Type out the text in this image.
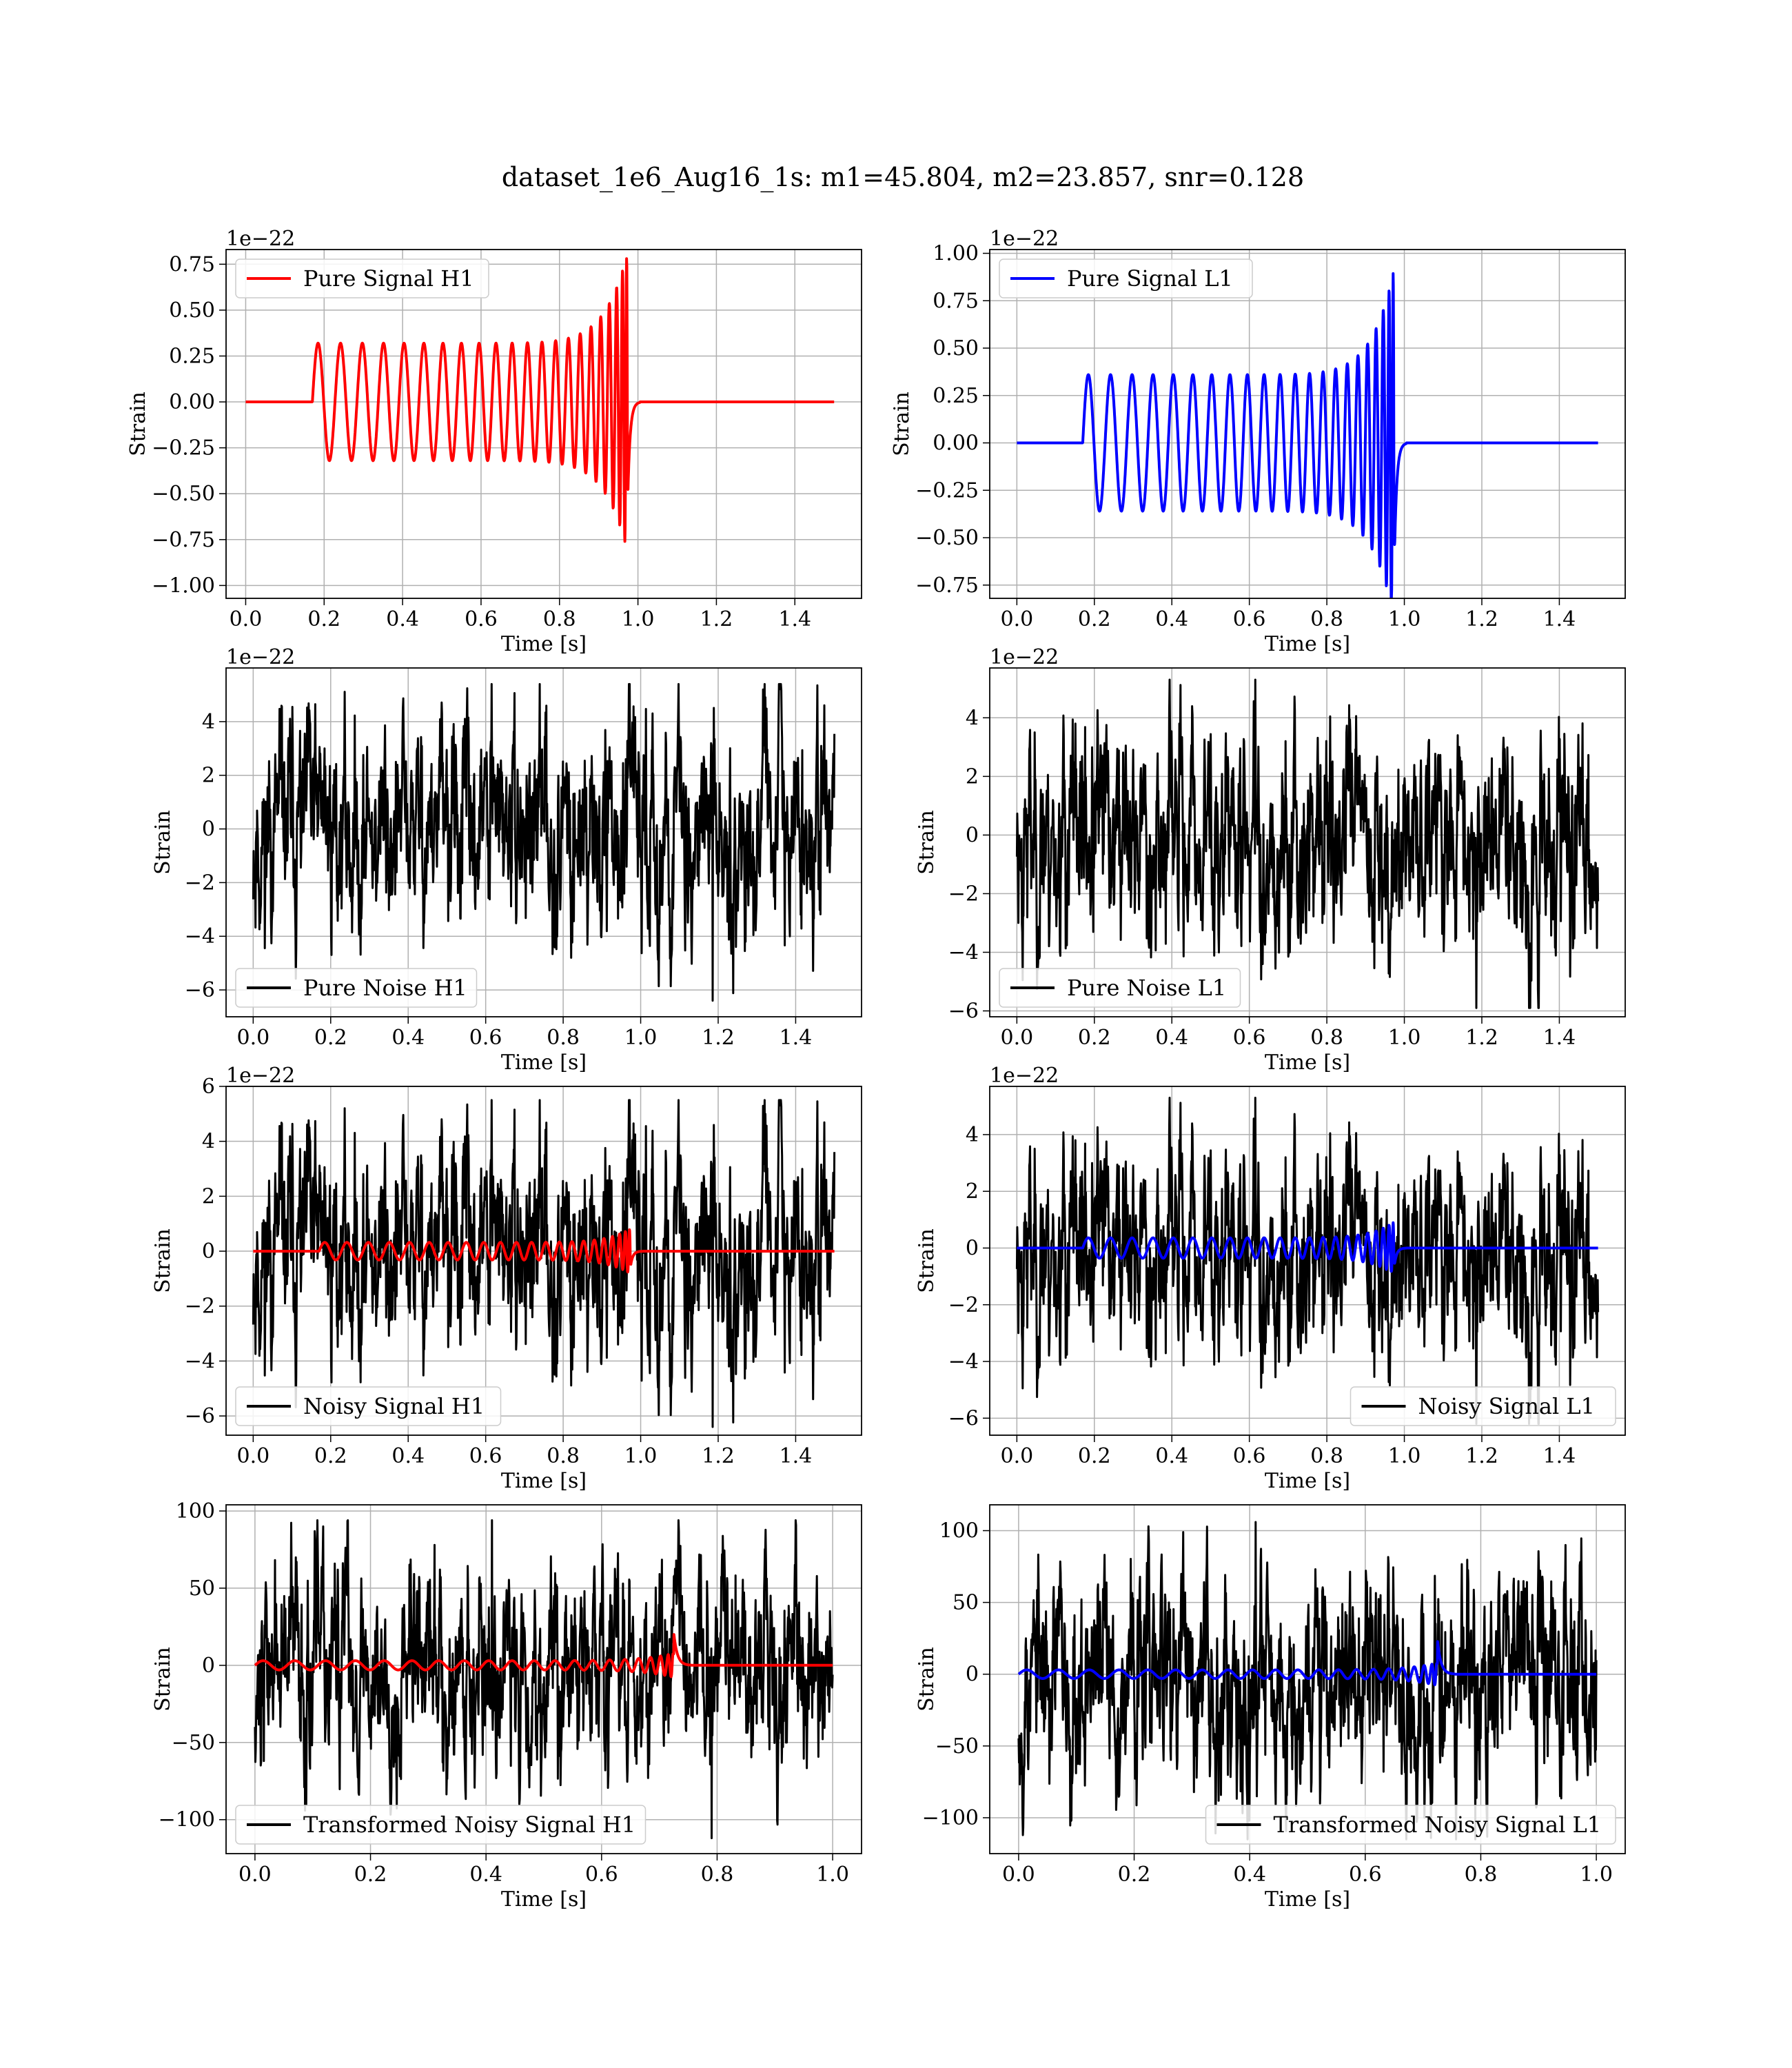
dataset_1e6_Aug16_1s: m1=45.804, m2=23.857, snr=0.128
0.0 0.2 0.4 0.6 0.8 1.0 1.2 1.4
−1.00
−0.75
−0.50
−0.25
0.00
0.25
0.50
0.75
Time [s]
Strain
1e−22
Pure Signal H1
0.0 0.2 0.4 0.6 0.8 1.0 1.2 1.4
−0.75
−0.50
−0.25
0.00
0.25
0.50
0.75
1.00
Time [s]
Strain
1e−22
Pure Signal L1
0.0 0.2 0.4 0.6 0.8 1.0 1.2 1.4
−6
−4
−2
0
2
4
Time [s]
Strain
1e−22
Pure Noise H1
0.0 0.2 0.4 0.6 0.8 1.0 1.2 1.4
−6
−4
−2
0
2
4
Time [s]
Strain
1e−22
Pure Noise L1
0.0 0.2 0.4 0.6 0.8 1.0 1.2 1.4
−6
−4
−2
0
2
4
6
Time [s]
Strain
1e−22
Noisy Signal H1
0.0 0.2 0.4 0.6 0.8 1.0 1.2 1.4
−6
−4
−2
0
2
4
Time [s]
Strain
1e−22
Noisy Signal L1
0.0	0.2	0.4	0.6	0.8	1.0
−100
−50
0
50
100
Time [s]
Strain
Transformed Noisy Signal H1
0.0	0.2	0.4	0.6	0.8	1.0
−100
−50
0
50
100
Time [s]
Strain
Transformed Noisy Signal L1
